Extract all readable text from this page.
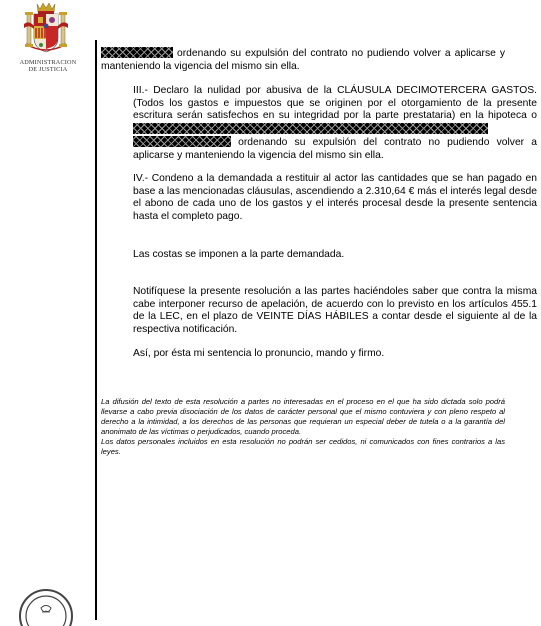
ADMINISTRACION
DE JUSTICIA
ordenando su expulsión del contrato no pudiendo volver a aplicarse y manteniendo la vigencia del mismo sin ella.
III.- Declaro la nulidad por abusiva de la CLÁUSULA DECIMOTERCERA GASTOS. (Todos los gastos e impuestos que se originen por el otorgamiento de la presente escritura serán satisfechos en su integridad por la parte prestataria) en la hipoteca o   ordenando su expulsión del contrato no pudiendo volver a aplicarse y manteniendo la vigencia del mismo sin ella.
IV.- Condeno a la demandada a restituir al actor las cantidades que se han pagado en base a las mencionadas cláusulas, ascendiendo a 2.310,64 € más el interés legal desde el abono de cada uno de los gastos y el interés procesal desde la presente sentencia hasta el completo pago.
Las costas se imponen a la parte demandada.
Notifíquese la presente resolución a las partes haciéndoles saber que contra la misma cabe interponer recurso de apelación, de acuerdo con lo previsto en los artículos 455.1 de la LEC, en el plazo de VEINTE DÍAS HÁBILES a contar desde el siguiente al de la respectiva notificación.
Así, por ésta mi sentencia lo pronuncio, mando y firmo.
La difusión del texto de esta resolución a partes no interesadas en el proceso en el que ha sido dictada solo podrá llevarse a cabo previa disociación de los datos de carácter personal que el mismo contuviera y con pleno respeto al derecho a la intimidad, a los derechos de las personas que requieran un especial deber de tutela o a la garantía del anonimato de las víctimas o perjudicados, cuando proceda.
Los datos personales incluidos en esta resolución no podrán ser cedidos, ni comunicados con fines contrarios a las leyes.
